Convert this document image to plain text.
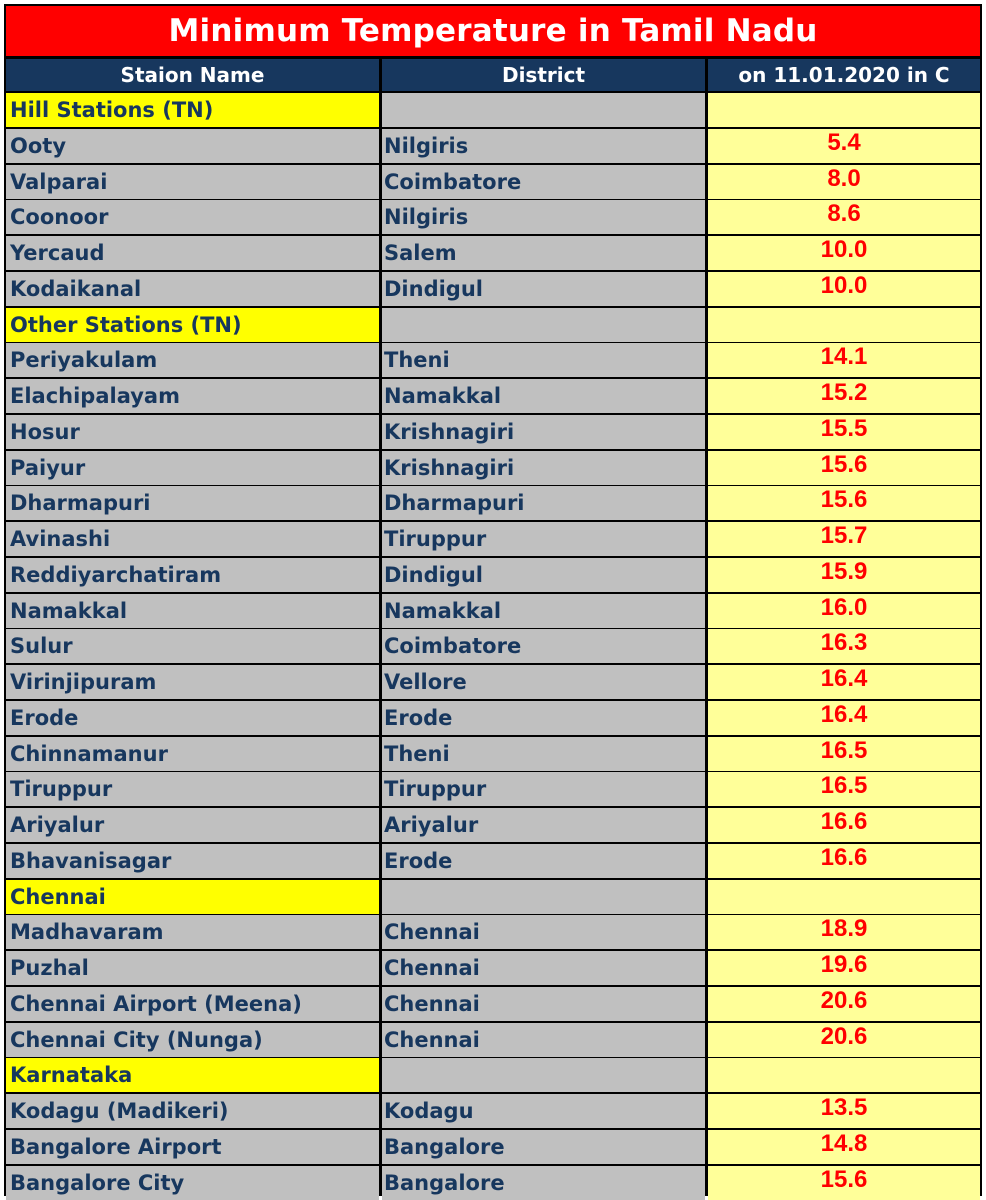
Minimum Temperature in Tamil Nadu
Staion Name	District	on 11.01.2020 in C
Hill Stations (TN)
Ooty	Nilgiris	5.4
Valparai	Coimbatore	8.0
Coonoor	Nilgiris	8.6
Yercaud	Salem	10.0
Kodaikanal	Dindigul	10.0
Other Stations (TN)
Periyakulam	Theni	14.1
Elachipalayam	Namakkal	15.2
Hosur	Krishnagiri	15.5
Paiyur	Krishnagiri	15.6
Dharmapuri	Dharmapuri	15.6
Avinashi	Tiruppur	15.7
Reddiyarchatiram	Dindigul	15.9
Namakkal	Namakkal	16.0
Sulur	Coimbatore	16.3
Virinjipuram	Vellore	16.4
Erode	Erode	16.4
Chinnamanur	Theni	16.5
Tiruppur	Tiruppur	16.5
Ariyalur	Ariyalur	16.6
Bhavanisagar	Erode	16.6
Chennai
Madhavaram	Chennai	18.9
Puzhal	Chennai	19.6
Chennai Airport (Meena)	Chennai	20.6
Chennai City (Nunga)	Chennai	20.6
Karnataka
Kodagu (Madikeri)	Kodagu	13.5
Bangalore Airport	Bangalore	14.8
Bangalore City	Bangalore	15.6
